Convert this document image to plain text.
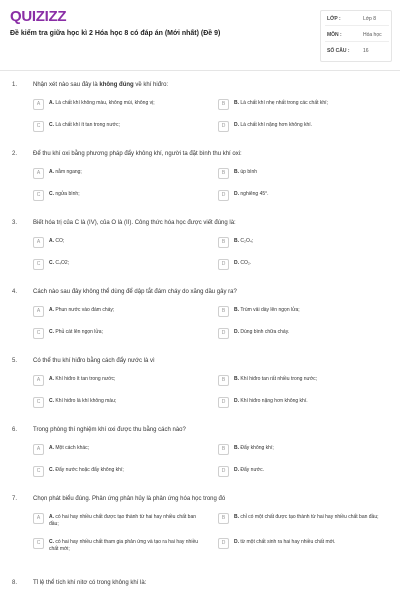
QUIZIZZ
Đề kiểm tra giữa học kì 2 Hóa học 8 có đáp án (Mới nhất) (Đề 9)
LỚP :	Lớp 8
MÔN :	Hóa học
SỐ CÂU :	16
1.	Nhận xét nào sau đây là không đúng về khí hiđro:
A	A. Là chất khí không màu, không mùi, không vị;	B	B. Là chất khí nhẹ nhất trong các chất khí;
C	C. Là chất khí ít tan trong nước;	D	D. Là chất khí nặng hơn không khí.
2.	Để thu khí oxi bằng phương pháp đẩy không khí, người ta đặt bình thu khí oxi:
A	A. nằm ngang;	B	B. úp bình
C	C. ngửa bình;	D	D. nghiêng 45°.
3.	Biết hóa trị của C là (IV), của O là (II). Công thức hóa học được viết đúng là:
A	A. CO;	B	B. C₂O₄;
C	C. C₄O2;	D	D. CO₂.
4.	Cách nào sau đây không thể dùng để dập tắt đám cháy do xăng dầu gây ra?
A	A. Phun nước vào đám cháy;	B	B. Trùm vải dày lên ngọn lửa;
C	C. Phủ cát lên ngọn lửa;	D	D. Dùng bình chữa cháy.
5.	Có thể thu khí hiđro bằng cách đẩy nước là vì
A	A. Khí hiđro ít tan trong nước;	B	B. Khí hiđro tan rất nhiều trong nước;
C	C. Khí hiđro là khí không màu;	D	D. Khí hiđro nặng hơn không khí.
6.	Trong phòng thí nghiệm khí oxi được thu bằng cách nào?
A	A. Một cách khác;	B	B. Đẩy không khí;
C	C. Đẩy nước hoặc đẩy không khí;	D	D. Đẩy nước.
7.	Chọn phát biểu đúng. Phản ứng phân hủy là phản ứng hóa học trong đó
A	A. có hai hay nhiều chất được tạo thành từ hai hay nhiều chất ban đầu;
B	B. chỉ có một chất được tạo thành từ hai hay nhiều chất ban đầu;
C	C. có hai hay nhiều chất tham gia phản ứng và tạo ra hai hay nhiều chất mới;
D	D. từ một chất sinh ra hai hay nhiều chất mới.
8.	Tỉ lệ thể tích khí nitơ có trong không khí là:
